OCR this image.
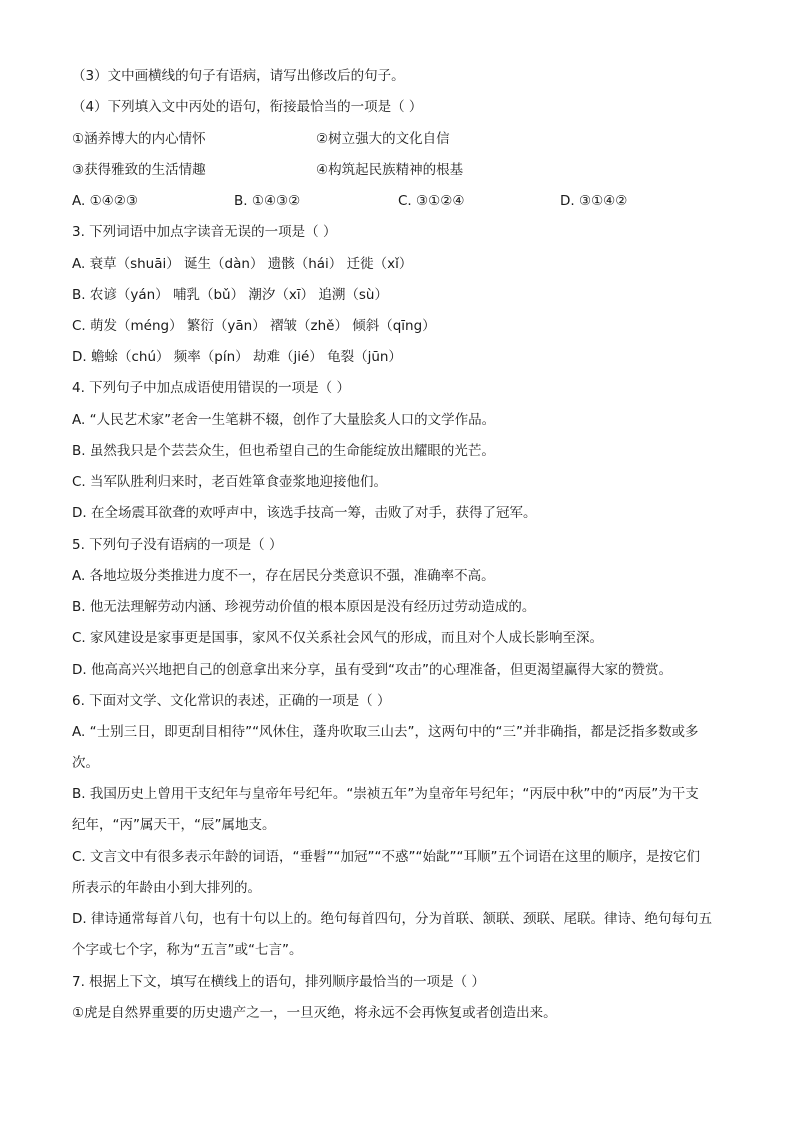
（3）文中画横线的句子有语病，请写出修改后的句子。
（4）下列填入文中丙处的语句，衔接最恰当的一项是（ ）
①涵养博大的内心情怀	②树立强大的文化自信
③获得雅致的生活情趣	④构筑起民族精神的根基
A. ①④②③	B. ①④③②	C. ③①②④	D. ③①④②
3. 下列词语中加点字读音无误的一项是（ ）
A. 衰草（shuāi） 诞生（dàn） 遗骸（hái） 迁徙（xǐ）
B. 农谚（yán） 哺乳（bǔ） 潮汐（xī） 追溯（sù）
C. 萌发（méng） 繁衍（yān） 褶皱（zhě） 倾斜（qīng）
D. 蟾蜍（chú） 频率（pín） 劫难（jié） 龟裂（jūn）
4. 下列句子中加点成语使用错误的一项是（ ）
A. “人民艺术家”老舍一生笔耕不辍，创作了大量脍炙人口的文学作品。
B. 虽然我只是个芸芸众生，但也希望自己的生命能绽放出耀眼的光芒。
C. 当军队胜利归来时，老百姓箪食壶浆地迎接他们。
D. 在全场震耳欲聋的欢呼声中，该选手技高一筹，击败了对手，获得了冠军。
5. 下列句子没有语病的一项是（ ）
A. 各地垃圾分类推进力度不一，存在居民分类意识不强，准确率不高。
B. 他无法理解劳动内涵、珍视劳动价值的根本原因是没有经历过劳动造成的。
C. 家风建设是家事更是国事，家风不仅关系社会风气的形成，而且对个人成长影响至深。
D. 他高高兴兴地把自己的创意拿出来分享，虽有受到“攻击”的心理准备，但更渴望赢得大家的赞赏。
6. 下面对文学、文化常识的表述，正确的一项是（ ）
A. “士别三日，即更刮目相待”“风休住，蓬舟吹取三山去”，这两句中的“三”并非确指，都是泛指多数或多次。
B. 我国历史上曾用干支纪年与皇帝年号纪年。“崇祯五年”为皇帝年号纪年；“丙辰中秋”中的“丙辰”为干支纪年，“丙”属天干，“辰”属地支。
C. 文言文中有很多表示年龄的词语，“垂髫”“加冠”“不惑”“始龀”“耳顺”五个词语在这里的顺序，是按它们所表示的年龄由小到大排列的。
D. 律诗通常每首八句，也有十句以上的。绝句每首四句，分为首联、颔联、颈联、尾联。律诗、绝句每句五个字或七个字，称为“五言”或“七言”。
7. 根据上下文，填写在横线上的语句，排列顺序最恰当的一项是（ ）
①虎是自然界重要的历史遗产之一，一旦灭绝，将永远不会再恢复或者创造出来。
